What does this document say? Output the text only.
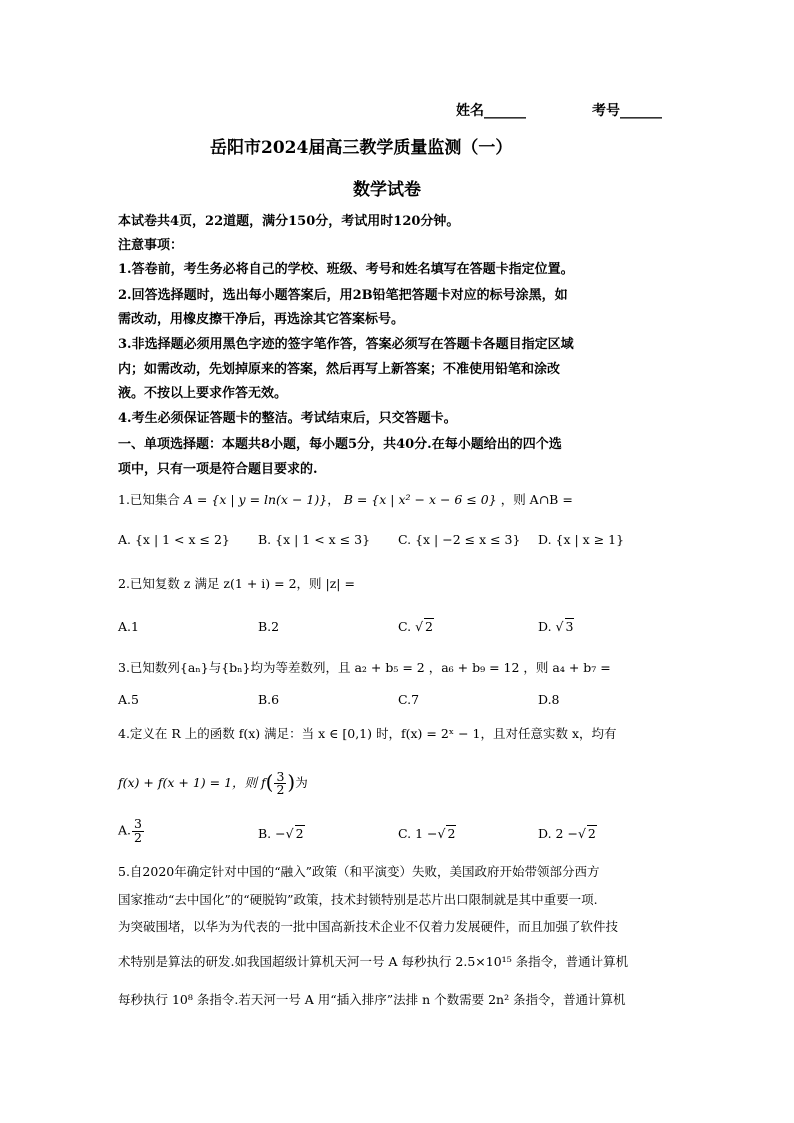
姓名______	考号______
岳阳市2024届高三教学质量监测（一）
数学试卷
本试卷共4页，22道题，满分150分，考试用时120分钟。
注意事项：
1.答卷前，考生务必将自己的学校、班级、考号和姓名填写在答题卡指定位置。
2.回答选择题时，选出每小题答案后，用2B铅笔把答题卡对应的标号涂黑，如
需改动，用橡皮擦干净后，再选涂其它答案标号。
3.非选择题必须用黑色字迹的签字笔作答，答案必须写在答题卡各题目指定区域
内；如需改动，先划掉原来的答案，然后再写上新答案；不准使用铅笔和涂改
液。不按以上要求作答无效。
4.考生必须保证答题卡的整洁。考试结束后，只交答题卡。
一、单项选择题：本题共8小题，每小题5分，共40分.在每小题给出的四个选
项中，只有一项是符合题目要求的.
1.已知集合 A = {x | y = ln(x − 1)}， B = {x | x² − x − 6 ≤ 0} ，则 A∩B =
A. {x | 1 < x ≤ 2} B. {x | 1 < x ≤ 3} C. {x | −2 ≤ x ≤ 3} D. {x | x ≥ 1}
2.已知复数 z 满足 z(1 + i) = 2，则 |z| =
A.1	B.2	C. √ 2	D. √ 3
3.已知数列{aₙ}与{bₙ}均为等差数列，且 a₂ + b₅ = 2 ，a₆ + b₉ = 12 ，则 a₄ + b₇ =
A.5	B.6	C.7	D.8
4.定义在 R 上的函数 f(x) 满足：当 x ∈ [0,1) 时，f(x) = 2ˣ − 1，且对任意实数 x，均有
f(x) + f(x + 1) = 1，则 $f( \frac{3}{2}$ )为
A. $\frac{3}{2}$	B. −√ 2	C. 1 −√ 2	D. 2 −√ 2
5.自2020年确定针对中国的“融入”政策（和平演变）失败，美国政府开始带领部分西方
国家推动“去中国化”的“硬脱钩”政策，技术封锁特别是芯片出口限制就是其中重要一项.
为突破围堵，以华为为代表的一批中国高新技术企业不仅着力发展硬件，而且加强了软件技
术特别是算法的研发.如我国超级计算机天河一号 A 每秒执行 2.5×10¹⁵ 条指令，普通计算机
每秒执行 10⁸ 条指令.若天河一号 A 用“插入排序”法排 n 个数需要 2n² 条指令，普通计算机
